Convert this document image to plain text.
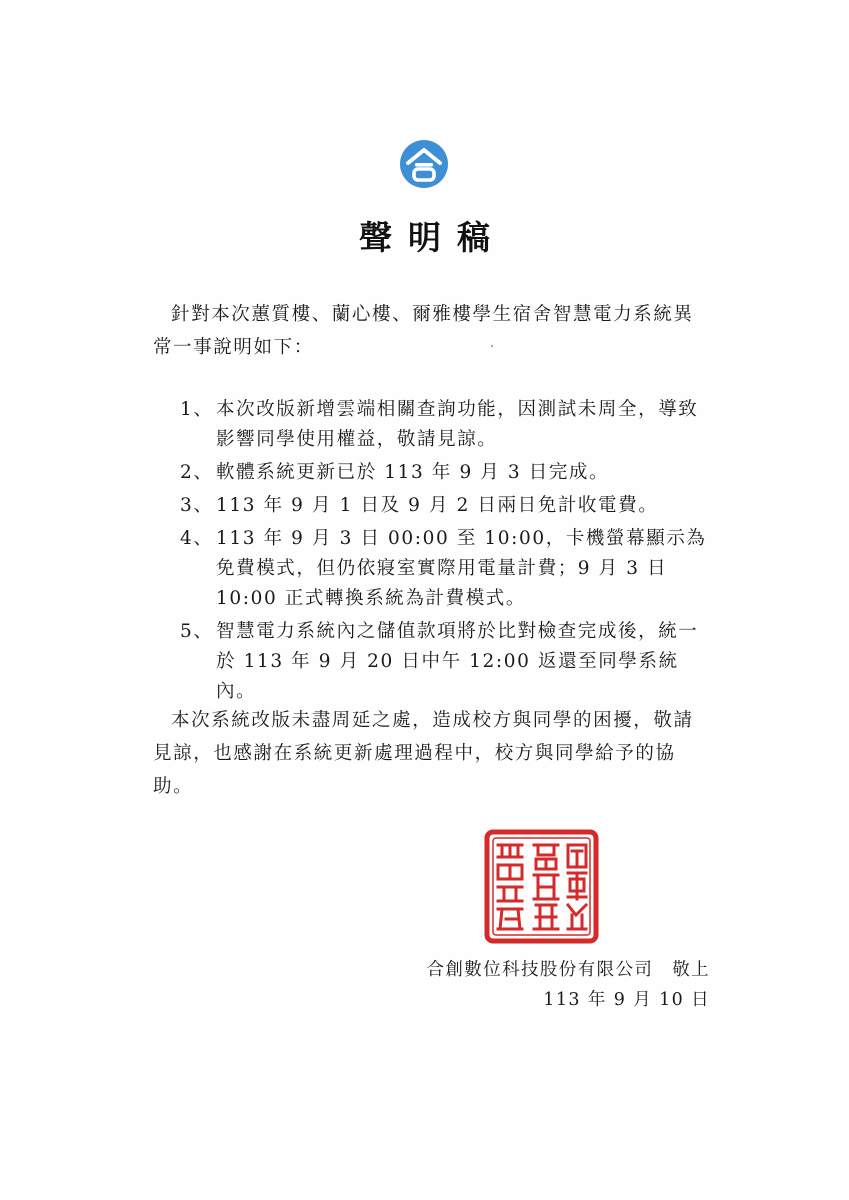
聲明稿
針對本次蕙質樓、蘭心樓、爾雅樓學生宿舍智慧電力系統異常一事說明如下：
1、 本次改版新增雲端相關查詢功能，因測試未周全，導致影響同學使用權益，敬請見諒。
2、 軟體系統更新已於 113 年 9 月 3 日完成。
3、 113 年 9 月 1 日及 9 月 2 日兩日免計收電費。
4、 113 年 9 月 3 日 00:00 至 10:00，卡機螢幕顯示為免費模式，但仍依寢室實際用電量計費；9 月 3 日 10:00 正式轉換系統為計費模式。
5、 智慧電力系統內之儲值款項將於比對檢查完成後，統一於 113 年 9 月 20 日中午 12:00 返還至同學系統內。
本次系統改版未盡周延之處，造成校方與同學的困擾，敬請見諒，也感謝在系統更新處理過程中，校方與同學給予的協助。
合創數位科技股份有限公司　敬上
113 年 9 月 10 日
